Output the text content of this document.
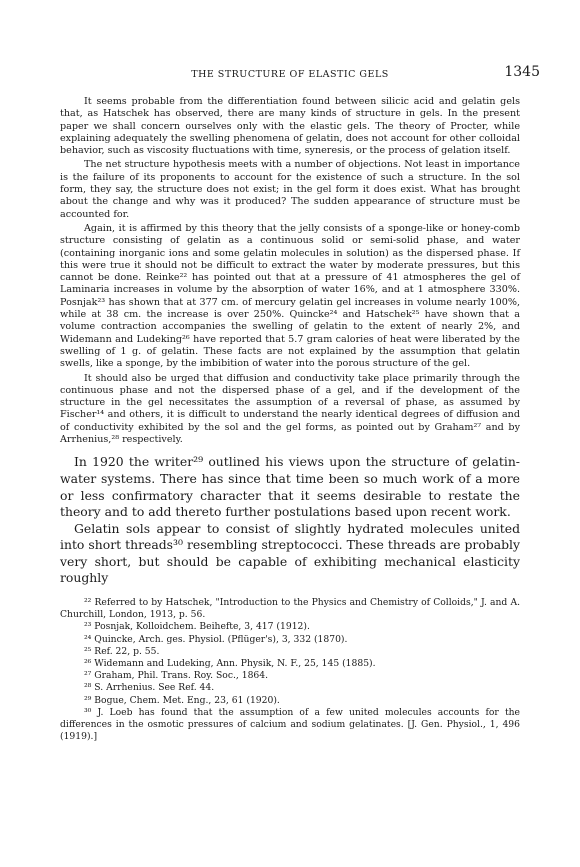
THE STRUCTURE OF ELASTIC GELS	1345

It seems probable from the differentiation found between silicic acid and gelatin gels that, as Hatschek has observed, there are many kinds of structure in gels. In the present paper we shall concern ourselves only with the elastic gels. The theory of Procter, while explaining adequately the swelling phenomena of gelatin, does not account for other colloidal behavior, such as viscosity fluctuations with time, syneresis, or the process of gelation itself.

The net structure hypothesis meets with a number of objections. Not least in importance is the failure of its proponents to account for the existence of such a structure. In the sol form, they say, the structure does not exist; in the gel form it does exist. What has brought about the change and why was it produced? The sudden appearance of structure must be accounted for.

Again, it is affirmed by this theory that the jelly consists of a sponge-like or honey-comb structure consisting of gelatin as a continuous solid or semi-solid phase, and water (containing inorganic ions and some gelatin molecules in solution) as the dispersed phase. If this were true it should not be difficult to extract the water by moderate pressures, but this cannot be done. Reinke²² has pointed out that at a pressure of 41 atmospheres the gel of Laminaria increases in volume by the absorption of water 16%, and at 1 atmosphere 330%. Posnjak²³ has shown that at 377 cm. of mercury gelatin gel increases in volume nearly 100%, while at 38 cm. the increase is over 250%. Quincke²⁴ and Hatschek²⁵ have shown that a volume contraction accompanies the swelling of gelatin to the extent of nearly 2%, and Widemann and Ludeking²⁶ have reported that 5.7 gram calories of heat were liberated by the swelling of 1 g. of gelatin. These facts are not explained by the assumption that gelatin swells, like a sponge, by the imbibition of water into the porous structure of the gel.

It should also be urged that diffusion and conductivity take place primarily through the continuous phase and not the dispersed phase of a gel, and if the development of the structure in the gel necessitates the assumption of a reversal of phase, as assumed by Fischer¹⁴ and others, it is difficult to understand the nearly identical degrees of diffusion and of conductivity exhibited by the sol and the gel forms, as pointed out by Graham²⁷ and by Arrhenius,²⁸ respectively.

In 1920 the writer²⁹ outlined his views upon the structure of gelatin-water systems. There has since that time been so much work of a more or less confirmatory character that it seems desirable to restate the theory and to add thereto further postulations based upon recent work.

Gelatin sols appear to consist of slightly hydrated molecules united into short threads³⁰ resembling streptococci. These threads are probably very short, but should be capable of exhibiting mechanical elasticity roughly

²² Referred to by Hatschek, "Introduction to the Physics and Chemistry of Colloids," J. and A. Churchill, London, 1913, p. 56.

²³ Posnjak, Kolloidchem. Beihefte, 3, 417 (1912).

²⁴ Quincke, Arch. ges. Physiol. (Pflüger's), 3, 332 (1870).

²⁵ Ref. 22, p. 55.

²⁶ Widemann and Ludeking, Ann. Physik, N. F., 25, 145 (1885).

²⁷ Graham, Phil. Trans. Roy. Soc., 1864.

²⁸ S. Arrhenius. See Ref. 44.

²⁹ Bogue, Chem. Met. Eng., 23, 61 (1920).

³⁰ J. Loeb has found that the assumption of a few united molecules accounts for the differences in the osmotic pressures of calcium and sodium gelatinates. [J. Gen. Physiol., 1, 496 (1919).]
